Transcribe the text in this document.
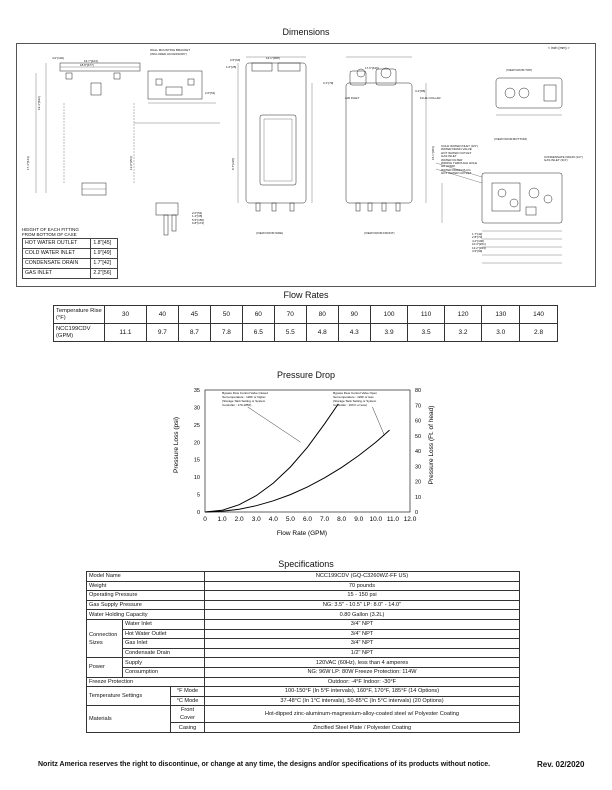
Dimensions
< inch (mm) >
WALL MOUNTING BRACKET
(INCLUDED ACCESSORY)
(VIEW FROM SIDE)	(VIEW FROM FRONT)
(VIEW FROM TOP)
(VIEW FROM BOTTOM)
AIR INLET	FLUE COLLAR
COLD WATER INLET (3/4")
WATER DRAIN VALVE
HOT WATER OUTLET
GAS INLET
WATER FILTER
WIRING THROUGH HOLE
AC CORD
WATER DRAIN PLUG
HOT WATER OUTLET
CONDENSATE DRAIN (1/2")
GAS INLET (3/4")
4.0"[102]
16.7"[424]
18.8"[477]
14.1"[358]
17.6"[446]
2.5"[63]
1.0"[25]
3.4"[86]
3.1"[79]
2.0"[51]
2.0"[51]
1.4"[35]
5.9"[150]
6.8"[174]
1.7"[42]
2.8"[70]
4.2"[106]
10.3"[261]
13.2"[334]
3.9"[99]
17.4"[443]
19.4"[492]
13.9"[353]	8.7"[220]
15.1"[383]
HEIGHT OF EACH FITTING
FROM BOTTOM OF CASE
HOT WATER OUTLET	1.8"[45]
COLD WATER INLET	1.9"[49]
CONDENSATE DRAIN	1.7"[42]
GAS INLET	2.2"[56]
Flow Rates
Temperature Rise (°F)	30	40	45	50	60	70	80	90	100	110	120	130	140
NCC199CDV (GPM)	11.1	9.7	8.7	7.8	6.5	5.5	4.8	4.3	3.9	3.5	3.2	3.0	2.8
Pressure Drop
Flow Rate (GPM)
Pressure Loss (psi)	Pressure Loss (Ft. of head)
0 1.0 2.0 3.0 4.0 5.0 6.0 7.0 8.0 9.0 10.0 11.0 12.0
0
5
10
15
20
25
30
35
0
10
20
30
40
50
60
70
80
Bypass Flow Control Valve Closed
Set temperature : 126F or higher
(Storage Tank Setting or System
Controller : 170-185F)
Bypass Flow Control Valve Open
Set temperature : 120F or less
(Storage Tank Setting or System
Controller : 160 F or less)
Specifications
Model Name			NCC199CDV (GQ-C3260WZ-FF US)
Weight			70 pounds
Operating Pressure			15 - 150 psi
Gas Supply Pressure			NG: 3.5" - 10.5" LP: 8.0" - 14.0"
Water Holding Capacity			0.80 Gallon (3.2L)
Connection Sizes	Water Inlet		3/4" NPT
	Hot Water Outlet		3/4" NPT
	Gas Inlet		3/4" NPT
	Condensate Drain		1/2" NPT
Power	Supply		120VAC (60Hz), less than 4 amperes
	Consumption		NG: 96W LP: 80W Freeze Protection: 114W
Freeze Protection			Outdoor: -4°F Indoor: -30°F
Temperature Settings		°F Mode	100-150°F (In 5°F intervals), 160°F, 170°F, 185°F (14 Options)
		°C Mode	37-48°C (In 1°C intervals), 50-85°C (In 5°C intervals) (20 Options)
Materials		Front Cover	Hot-dipped zinc-aluminum-magnesium-alloy-coated steel w/ Polyester Coating
		Casing	Zincified Steel Plate / Polyester Coating
Noritz America reserves the right to discontinue, or change at any time, the designs and/or specifications of its products without notice.	Rev. 02/2020
